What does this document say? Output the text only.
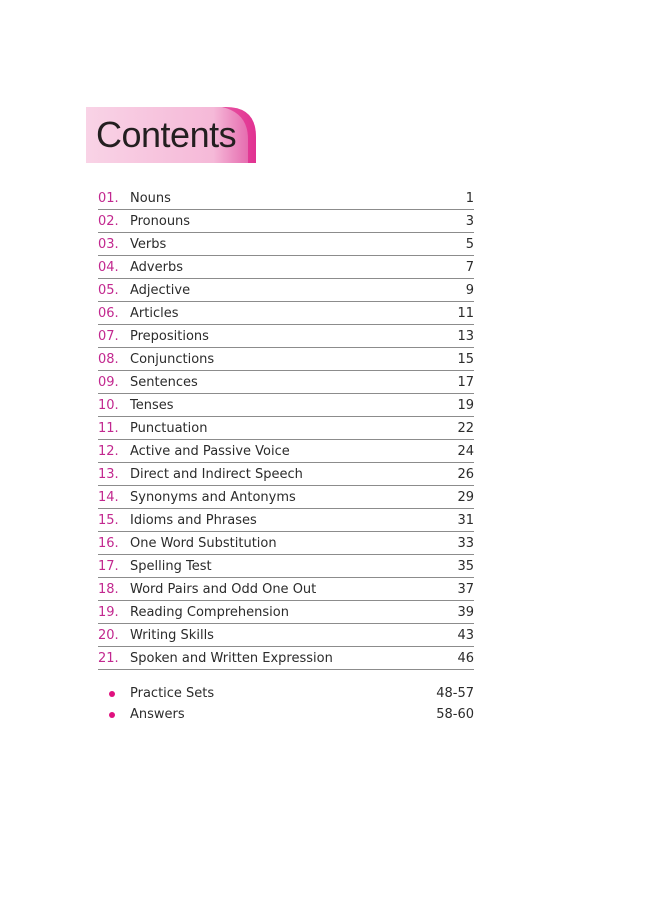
Contents
01. Nouns	1
02. Pronouns	3
03. Verbs	5
04. Adverbs	7
05. Adjective	9
06. Articles	11
07. Prepositions	13
08. Conjunctions	15
09. Sentences	17
10. Tenses	19
11. Punctuation	22
12. Active and Passive Voice	24
13. Direct and Indirect Speech	26
14. Synonyms and Antonyms	29
15. Idioms and Phrases	31
16. One Word Substitution	33
17. Spelling Test	35
18. Word Pairs and Odd One Out	37
19. Reading Comprehension	39
20. Writing Skills	43
21. Spoken and Written Expression	46
Practice Sets	48-57
Answers	58-60
